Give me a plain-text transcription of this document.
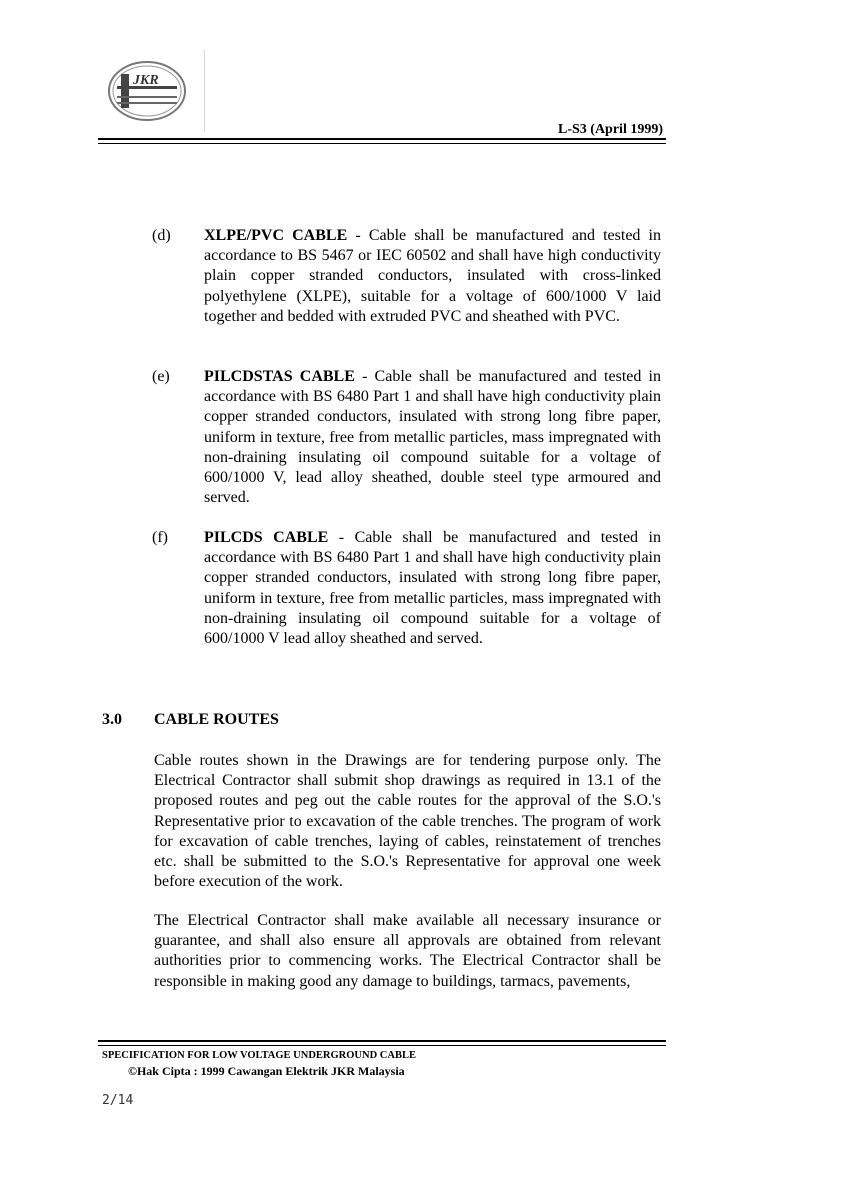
JKR
L-S3 (April 1999)
(d) XLPE/PVC CABLE - Cable shall be manufactured and tested in accordance to BS 5467 or IEC 60502 and shall have high conductivity plain copper stranded conductors, insulated with cross-linked polyethylene (XLPE), suitable for a voltage of 600/1000 V laid together and bedded with extruded PVC and sheathed with PVC.
(e) PILCDSTAS CABLE - Cable shall be manufactured and tested in accordance with BS 6480 Part 1 and shall have high conductivity plain copper stranded conductors, insulated with strong long fibre paper, uniform in texture, free from metallic particles, mass impregnated with non-draining insulating oil compound suitable for a voltage of 600/1000 V, lead alloy sheathed, double steel type armoured and served.
(f) PILCDS CABLE - Cable shall be manufactured and tested in accordance with BS 6480 Part 1 and shall have high conductivity plain copper stranded conductors, insulated with strong long fibre paper, uniform in texture, free from metallic particles, mass impregnated with non-draining insulating oil compound suitable for a voltage of 600/1000 V lead alloy sheathed and served.
3.0 CABLE ROUTES
Cable routes shown in the Drawings are for tendering purpose only. The Electrical Contractor shall submit shop drawings as required in 13.1 of the proposed routes and peg out the cable routes for the approval of the S.O.'s Representative prior to excavation of the cable trenches. The program of work for excavation of cable trenches, laying of cables, reinstatement of trenches etc. shall be submitted to the S.O.'s Representative for approval one week before execution of the work.
The Electrical Contractor shall make available all necessary insurance or guarantee, and shall also ensure all approvals are obtained from relevant authorities prior to commencing works. The Electrical Contractor shall be responsible in making good any damage to buildings, tarmacs, pavements,
SPECIFICATION FOR LOW VOLTAGE UNDERGROUND CABLE
©Hak Cipta : 1999 Cawangan Elektrik JKR Malaysia
2/14
